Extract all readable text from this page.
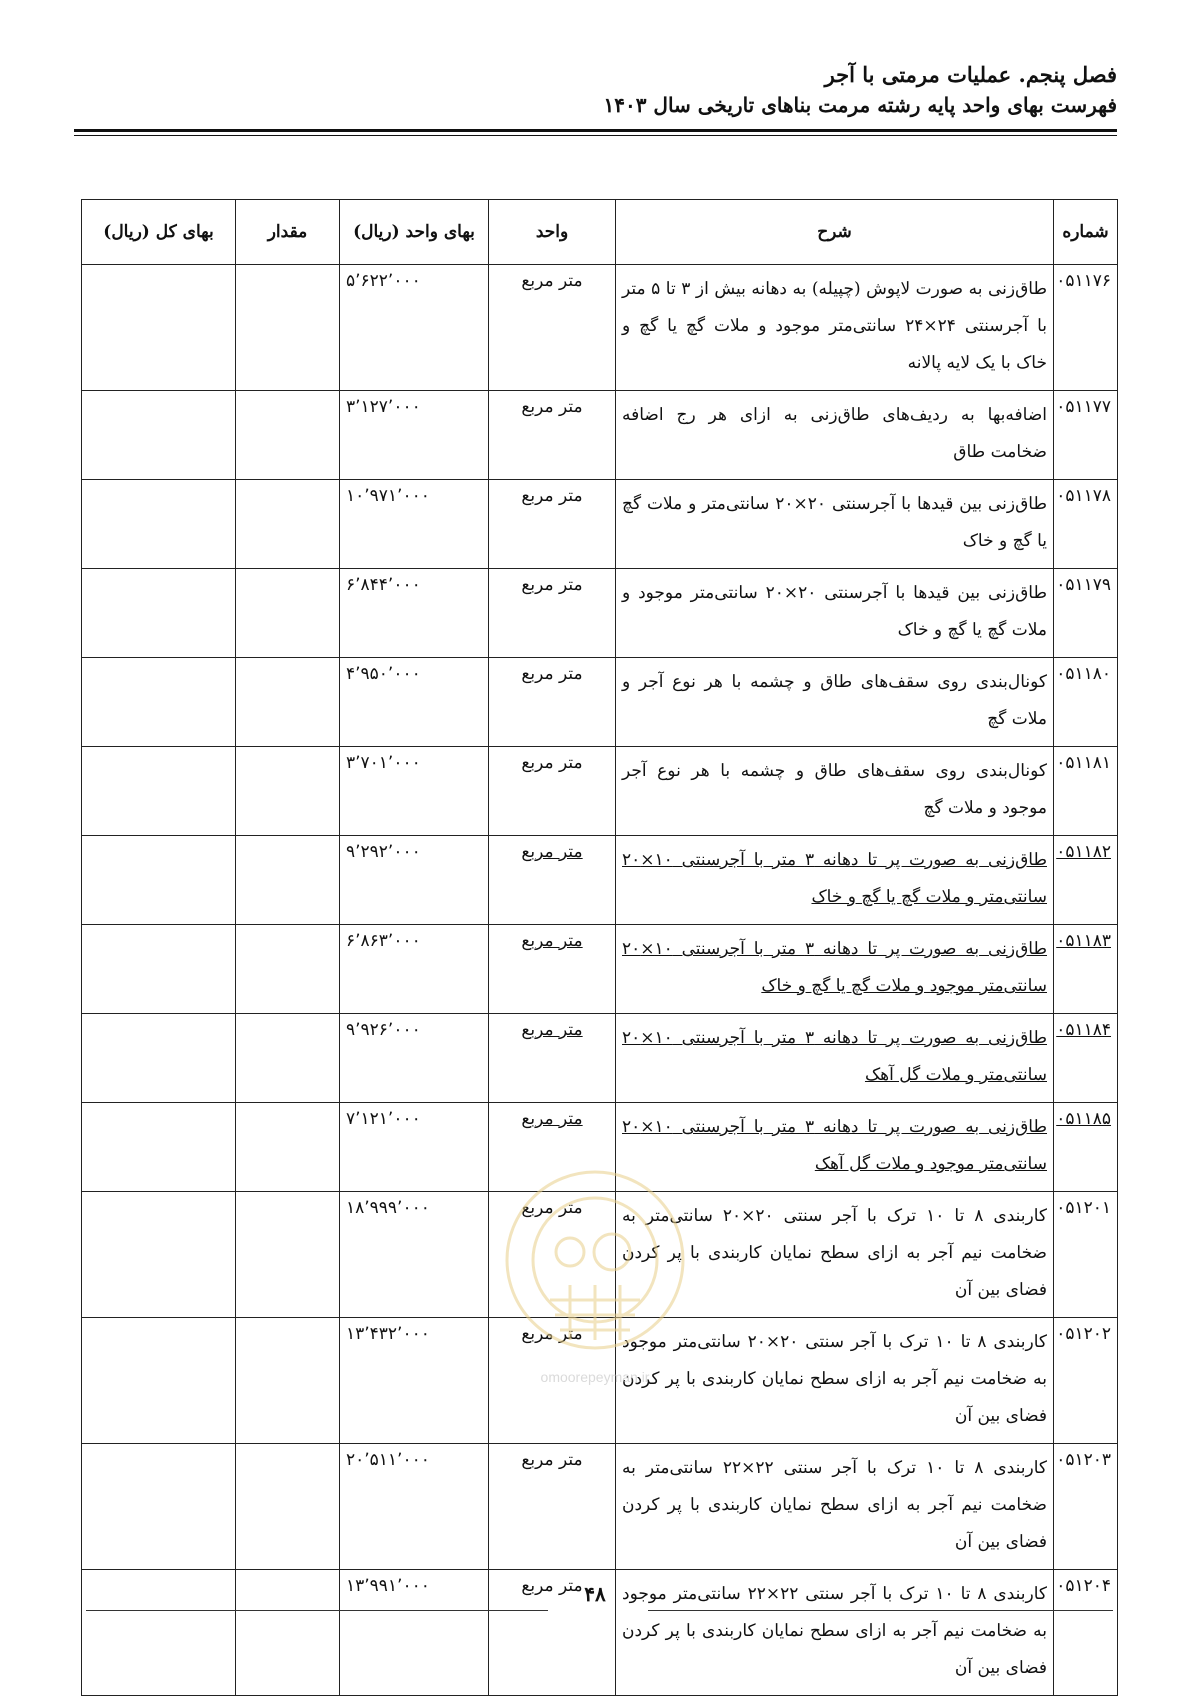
فصل پنجم. عملیات مرمتی با آجر
فهرست بهای واحد پایه رشته مرمت بناهای تاریخی سال ۱۴۰۳
شماره	شرح	واحد	بهای واحد (ریال)	مقدار	بهای کل (ریال)
۰۵۱۱۷۶	طاق‌زنی به صورت لاپوش (چپیله) به دهانه بیش از ۳ تا ۵ متر با آجرسنتی ۲۴×۲۴ سانتی‌متر موجود و ملات گچ یا گچ و خاک با یک لایه پالانه	متر مربع	۵٬۶۲۲٬۰۰۰		
۰۵۱۱۷۷	اضافه‌بها به ردیف‌های طاق‌زنی به ازای هر رج اضافه ضخامت طاق	متر مربع	۳٬۱۲۷٬۰۰۰		
۰۵۱۱۷۸	طاق‌زنی بین قیدها با آجرسنتی ۲۰×۲۰ سانتی‌متر و ملات گچ یا گچ و خاک	متر مربع	۱۰٬۹۷۱٬۰۰۰		
۰۵۱۱۷۹	طاق‌زنی بین قیدها با آجرسنتی ۲۰×۲۰ سانتی‌متر موجود و ملات گچ یا گچ و خاک	متر مربع	۶٬۸۴۴٬۰۰۰		
۰۵۱۱۸۰	کونال‌بندی روی سقف‌های طاق و چشمه با هر نوع آجر و ملات گچ	متر مربع	۴٬۹۵۰٬۰۰۰		
۰۵۱۱۸۱	کونال‌بندی روی سقف‌های طاق و چشمه با هر نوع آجر موجود و ملات گچ	متر مربع	۳٬۷۰۱٬۰۰۰		
۰۵۱۱۸۲	طاق‌زنی به صورت پر تا دهانه ۳ متر با آجرسنتی ۱۰×۲۰ سانتی‌متر و ملات گچ یا گچ و خاک	متر مربع	۹٬۲۹۲٬۰۰۰		
۰۵۱۱۸۳	طاق‌زنی به صورت پر تا دهانه ۳ متر با آجرسنتی ۱۰×۲۰ سانتی‌متر موجود و ملات گچ یا گچ و خاک	متر مربع	۶٬۸۶۳٬۰۰۰		
۰۵۱۱۸۴	طاق‌زنی به صورت پر تا دهانه ۳ متر با آجرسنتی ۱۰×۲۰ سانتی‌متر و ملات گل آهک	متر مربع	۹٬۹۲۶٬۰۰۰		
۰۵۱۱۸۵	طاق‌زنی به صورت پر تا دهانه ۳ متر با آجرسنتی ۱۰×۲۰ سانتی‌متر موجود و ملات گل آهک	متر مربع	۷٬۱۲۱٬۰۰۰		
۰۵۱۲۰۱	کاربندی ۸ تا ۱۰ ترک با آجر سنتی ۲۰×۲۰ سانتی‌متر به ضخامت نیم آجر به ازای سطح نمایان کاربندی با پر کردن فضای بین آن	متر مربع	۱۸٬۹۹۹٬۰۰۰		
۰۵۱۲۰۲	کاربندی ۸ تا ۱۰ ترک با آجر سنتی ۲۰×۲۰ سانتی‌متر موجود به ضخامت نیم آجر به ازای سطح نمایان کاربندی با پر کردن فضای بین آن	متر مربع	۱۳٬۴۳۲٬۰۰۰		
۰۵۱۲۰۳	کاربندی ۸ تا ۱۰ ترک با آجر سنتی ۲۲×۲۲ سانتی‌متر به ضخامت نیم آجر به ازای سطح نمایان کاربندی با پر کردن فضای بین آن	متر مربع	۲۰٬۵۱۱٬۰۰۰		
۰۵۱۲۰۴	کاربندی ۸ تا ۱۰ ترک با آجر سنتی ۲۲×۲۲ سانتی‌متر موجود به ضخامت نیم آجر به ازای سطح نمایان کاربندی با پر کردن فضای بین آن	متر مربع	۱۳٬۹۹۱٬۰۰۰		
omoorepeyman.ir
۴۸
